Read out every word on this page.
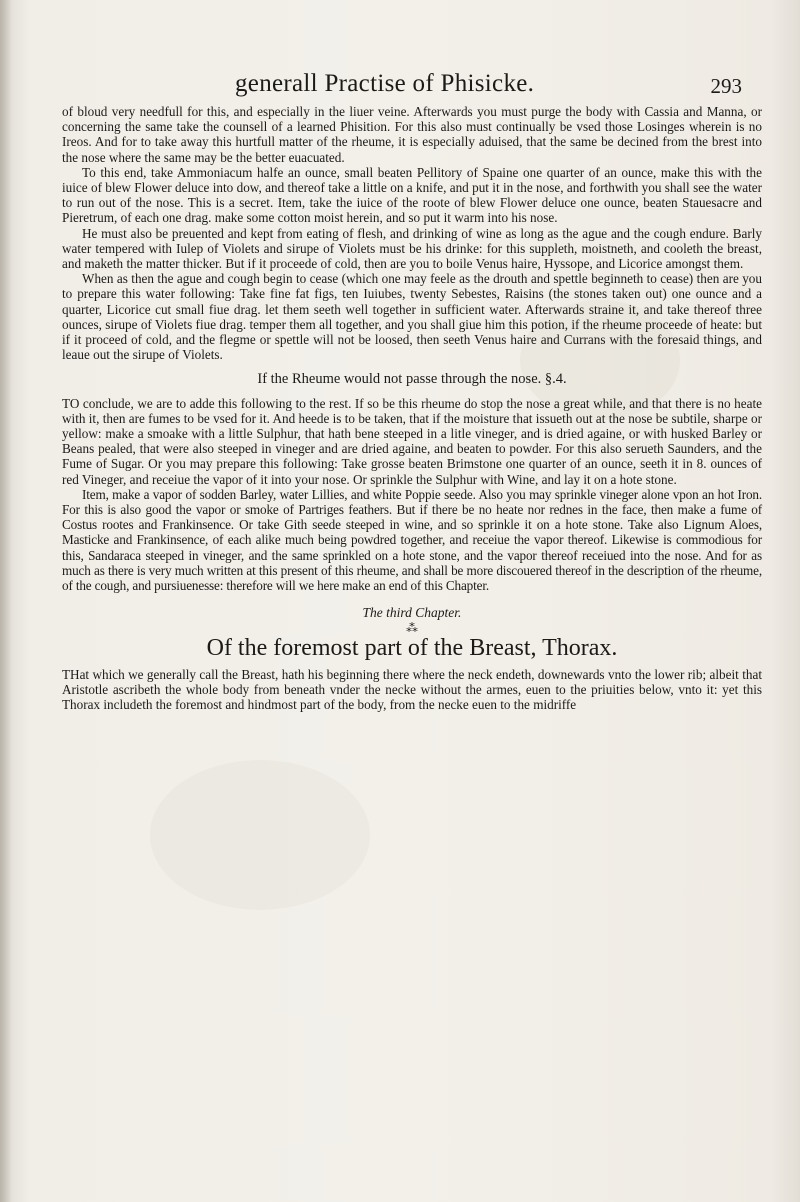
generall Practise of Phisicke.	293

of bloud very needfull for this, and especially in the liuer veine. Afterwards you must purge the body with Cassia and Manna, or concerning the same take the counsell of a learned Phisition. For this also must continually be vsed those Losinges wherein is no Ireos. And for to take away this hurtfull matter of the rheume, it is especially aduised, that the same be decined from the brest into the nose where the same may be the better euacuated.

To this end, take Ammoniacum halfe an ounce, small beaten Pellitory of Spaine one quarter of an ounce, make this with the iuice of blew Flower deluce into dow, and thereof take a little on a knife, and put it in the nose, and forthwith you shall see the water to run out of the nose. This is a secret. Item, take the iuice of the roote of blew Flower deluce one ounce, beaten Stauesacre and Pieretrum, of each one drag. make some cotton moist herein, and so put it warm into his nose.

He must also be preuented and kept from eating of flesh, and drinking of wine as long as the ague and the cough endure. Barly water tempered with Iulep of Violets and sirupe of Violets must be his drinke: for this suppleth, moistneth, and cooleth the breast, and maketh the matter thicker. But if it proceede of cold, then are you to boile Venus haire, Hyssope, and Licorice amongst them.

When as then the ague and cough begin to cease (which one may feele as the drouth and spettle beginneth to cease) then are you to prepare this water following: Take fine fat figs, ten Iuiubes, twenty Sebestes, Raisins (the stones taken out) one ounce and a quarter, Licorice cut small fiue drag. let them seeth well together in sufficient water. Afterwards straine it, and take thereof three ounces, sirupe of Violets fiue drag. temper them all together, and you shall giue him this potion, if the rheume proceede of heate: but if it proceed of cold, and the flegme or spettle will not be loosed, then seeth Venus haire and Currans with the foresaid things, and leaue out the sirupe of Violets.

If the Rheume would not passe through the nose. §.4.

TO conclude, we are to adde this following to the rest. If so be this rheume do stop the nose a great while, and that there is no heate with it, then are fumes to be vsed for it. And heede is to be taken, that if the moisture that issueth out at the nose be subtile, sharpe or yellow: make a smoake with a little Sulphur, that hath bene steeped in a litle vineger, and is dried againe, or with husked Barley or Beans pealed, that were also steeped in vineger and are dried againe, and beaten to powder. For this also serueth Saunders, and the Fume of Sugar. Or you may prepare this following: Take grosse beaten Brimstone one quarter of an ounce, seeth it in 8. ounces of red Vineger, and receiue the vapor of it into your nose. Or sprinkle the Sulphur with Wine, and lay it on a hote stone.

Item, make a vapor of sodden Barley, water Lillies, and white Poppie seede. Also you may sprinkle vineger alone vpon an hot Iron. For this is also good the vapor or smoke of Partriges feathers. But if there be no heate nor rednes in the face, then make a fume of Costus rootes and Frankinsence. Or take Gith seede steeped in wine, and so sprinkle it on a hote stone. Take also Lignum Aloes, Masticke and Frankinsence, of each alike much being powdred together, and receiue the vapor thereof. Likewise is commodious for this, Sandaraca steeped in vineger, and the same sprinkled on a hote stone, and the vapor thereof receiued into the nose. And for as much as there is very much written at this present of this rheume, and shall be more discouered thereof in the description of the rheume, of the cough, and pursiuenesse: therefore will we here make an end of this Chapter.

The third Chapter.
⁂
Of the foremost part of the Breast, Thorax.

THat which we generally call the Breast, hath his beginning there where the neck endeth, downewards vnto the lower rib; albeit that Aristotle ascribeth the whole body from beneath vnder the necke without the armes, euen to the priuities below, vnto it: yet this Thorax includeth the foremost and hindmost part of the body, from the necke euen to the midriffe
